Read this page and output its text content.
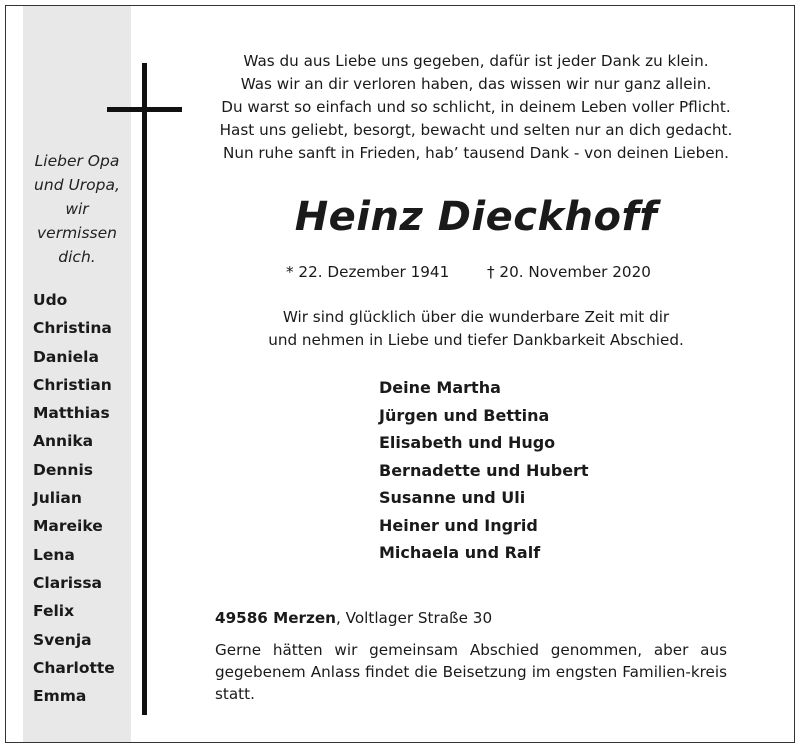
Lieber Opa
und Uropa,
wir
vermissen
dich.
Udo
Christina
Daniela
Christian
Matthias
Annika
Dennis
Julian
Mareike
Lena
Clarissa
Felix
Svenja
Charlotte
Emma
Was du aus Liebe uns gegeben, dafür ist jeder Dank zu klein.
Was wir an dir verloren haben, das wissen wir nur ganz allein.
Du warst so einfach und so schlicht, in deinem Leben voller Pflicht.
Hast uns geliebt, besorgt, bewacht und selten nur an dich gedacht.
Nun ruhe sanft in Frieden, hab’ tausend Dank - von deinen Lieben.
Heinz Dieckhoff
* 22. Dezember 1941 † 20. November 2020
Wir sind glücklich über die wunderbare Zeit mit dir
und nehmen in Liebe und tiefer Dankbarkeit Abschied.
Deine Martha
Jürgen und Bettina
Elisabeth und Hugo
Bernadette und Hubert
Susanne und Uli
Heiner und Ingrid
Michaela und Ralf
49586 Merzen, Voltlager Straße 30
Gerne hätten wir gemeinsam Abschied genommen, aber aus gegebenem Anlass findet die Beisetzung im engsten Familien-kreis statt.
